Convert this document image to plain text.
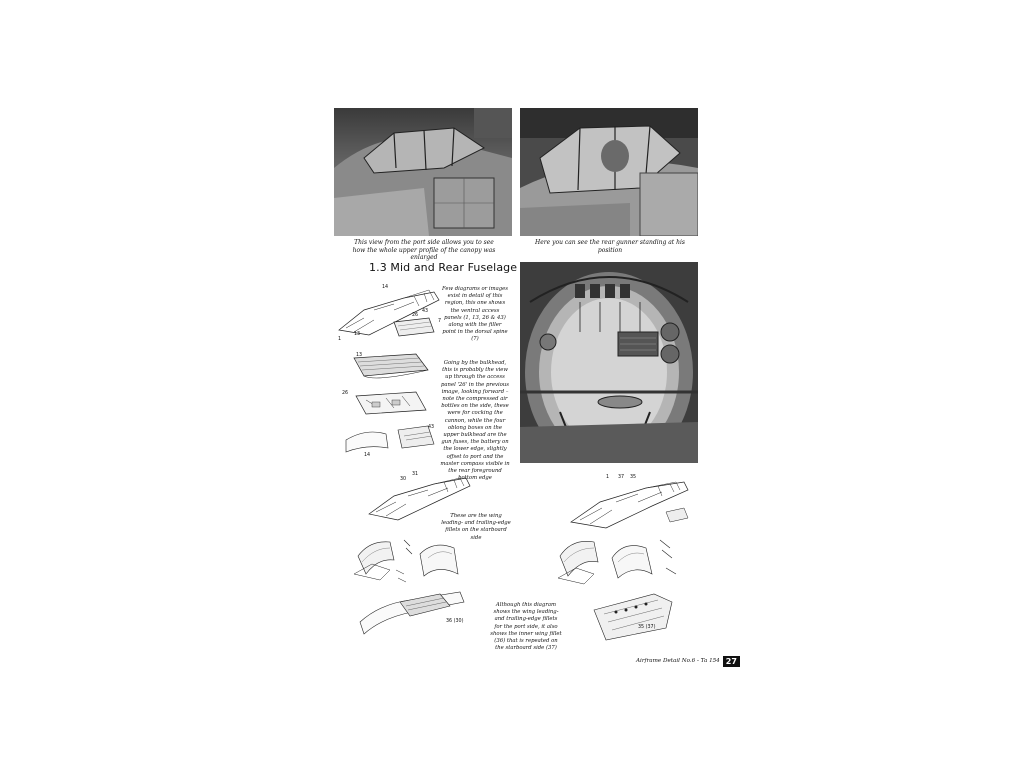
This view from the port side allows you to see how the whole upper profile of the canopy was enlarged
Here you can see the rear gunner standing at his position
1.3 Mid and Rear Fuselage
14
26
43
1
13
7
13
26
43
14
Few diagrams or images exist in detail of this region, this one shows the ventral access panels (1, 13, 26 & 43) along with the filler point in the dorsal spine (7)
Going by the bulkhead, this is probably the view up through the access panel '26' in the previous image, looking forward – note the compressed air bottles on the side, these were for cocking the cannon, while the four oblong boxes on the upper bulkhead are the gun fuses, the battery on the lower edge, slightly offset to port and the master compass visible in the rear foreground bottom edge
30
31
These are the wing leading- and trailing-edge fillets on the starboard side
1 37 35
36 (30)
35 (37)
Although this diagram shows the wing leading- and trailing-edge fillets for the port side, it also shows the inner wing fillet (36) that is repeated on the starboard side (37)
Airframe Detail No.6 - Ta 154 27
